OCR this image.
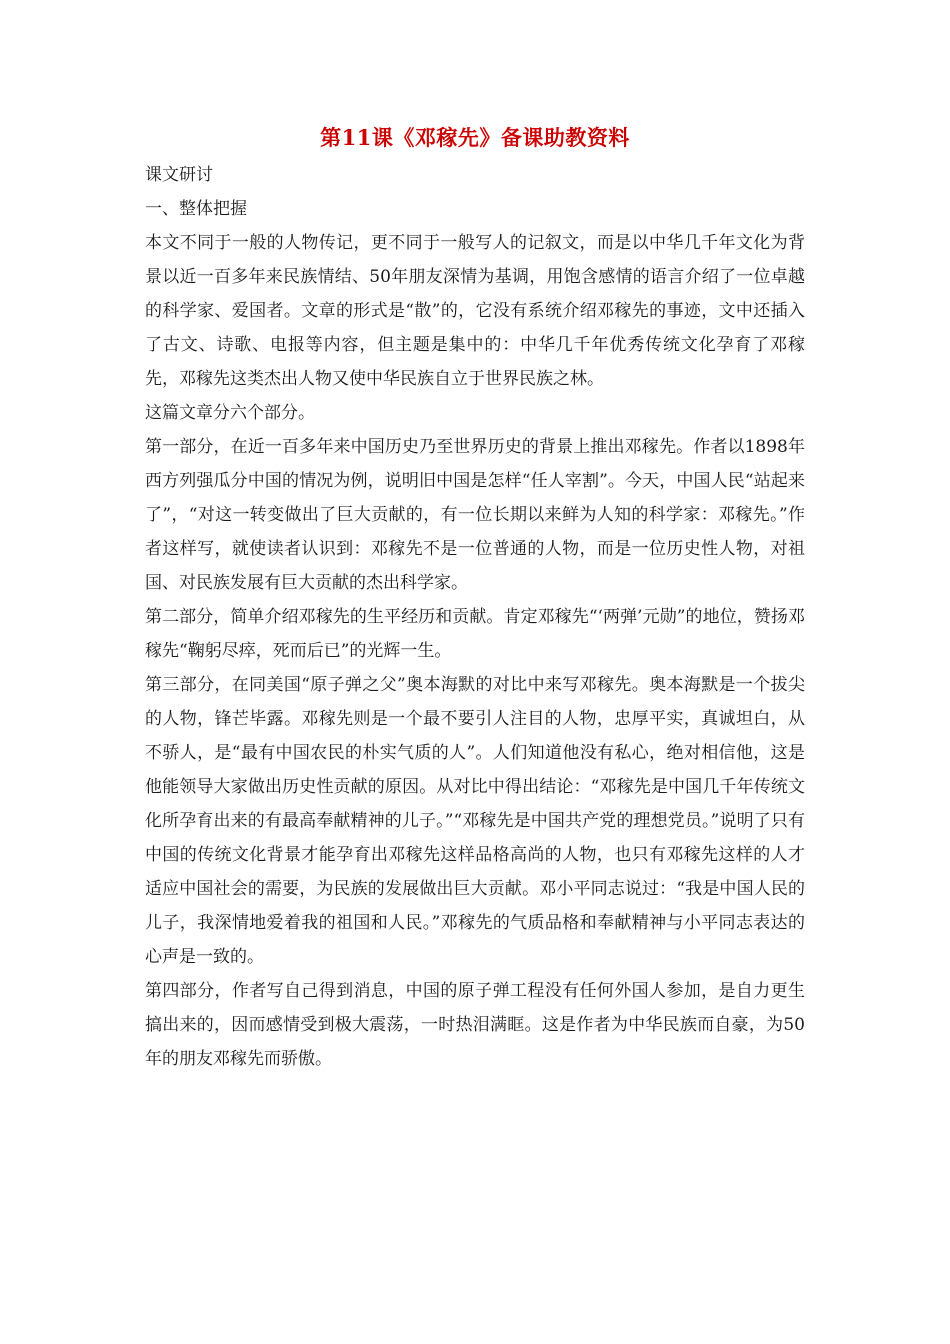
第11课《邓稼先》备课助教资料
课文研讨
一、整体把握
本文不同于一般的人物传记，更不同于一般写人的记叙文，而是以中华几千年文化为背景以近一百多年来民族情结、50年朋友深情为基调，用饱含感情的语言介绍了一位卓越的科学家、爱国者。文章的形式是“散”的，它没有系统介绍邓稼先的事迹，文中还插入了古文、诗歌、电报等内容，但主题是集中的：中华几千年优秀传统文化孕育了邓稼先，邓稼先这类杰出人物又使中华民族自立于世界民族之林。
这篇文章分六个部分。
第一部分，在近一百多年来中国历史乃至世界历史的背景上推出邓稼先。作者以1898年西方列强瓜分中国的情况为例，说明旧中国是怎样“任人宰割”。今天，中国人民“站起来了”，“对这一转变做出了巨大贡献的，有一位长期以来鲜为人知的科学家：邓稼先。”作者这样写，就使读者认识到：邓稼先不是一位普通的人物，而是一位历史性人物，对祖国、对民族发展有巨大贡献的杰出科学家。
第二部分，简单介绍邓稼先的生平经历和贡献。肯定邓稼先“‘两弹’元勋”的地位，赞扬邓稼先“鞠躬尽瘁，死而后已”的光辉一生。
第三部分，在同美国“原子弹之父”奥本海默的对比中来写邓稼先。奥本海默是一个拔尖的人物，锋芒毕露。邓稼先则是一个最不要引人注目的人物，忠厚平实，真诚坦白，从不骄人，是“最有中国农民的朴实气质的人”。人们知道他没有私心，绝对相信他，这是他能领导大家做出历史性贡献的原因。从对比中得出结论：“邓稼先是中国几千年传统文化所孕育出来的有最高奉献精神的儿子。”“邓稼先是中国共产党的理想党员。”说明了只有中国的传统文化背景才能孕育出邓稼先这样品格高尚的人物，也只有邓稼先这样的人才适应中国社会的需要，为民族的发展做出巨大贡献。邓小平同志说过：“我是中国人民的儿子，我深情地爱着我的祖国和人民。”邓稼先的气质品格和奉献精神与小平同志表达的心声是一致的。
第四部分，作者写自己得到消息，中国的原子弹工程没有任何外国人参加，是自力更生搞出来的，因而感情受到极大震荡，一时热泪满眶。这是作者为中华民族而自豪，为50年的朋友邓稼先而骄傲。
